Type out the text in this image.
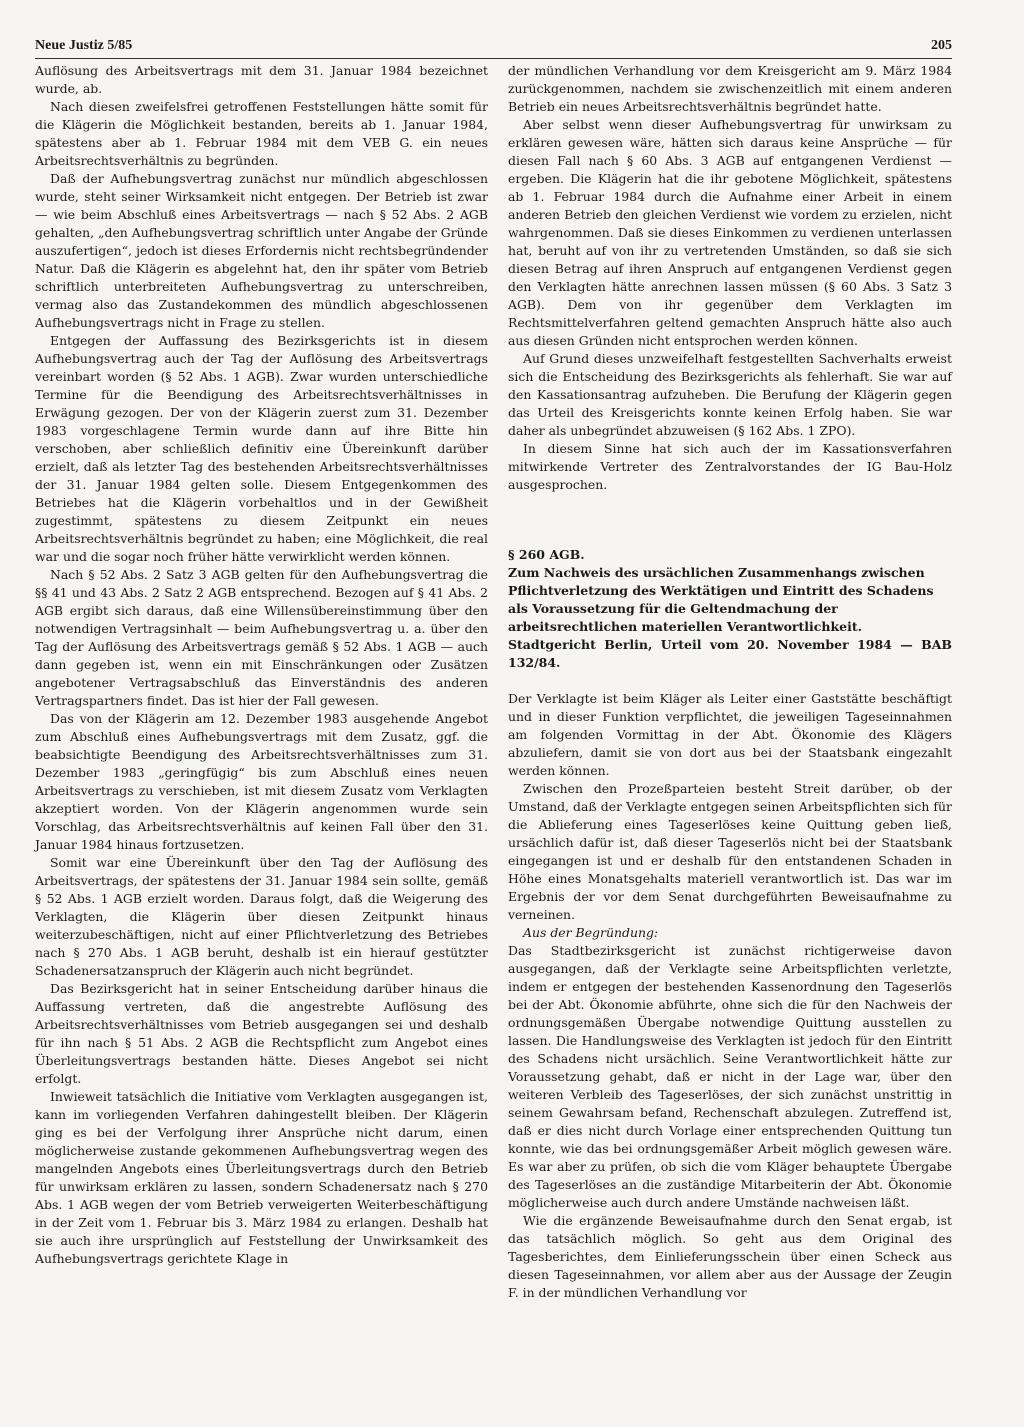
Neue Justiz 5/85	205

Auflösung des Arbeitsvertrags mit dem 31. Januar 1984 bezeichnet wurde, ab.

Nach diesen zweifelsfrei getroffenen Feststellungen hätte somit für die Klägerin die Möglichkeit bestanden, bereits ab 1. Januar 1984, spätestens aber ab 1. Februar 1984 mit dem VEB G. ein neues Arbeitsrechtsverhältnis zu begründen.

Daß der Aufhebungsvertrag zunächst nur mündlich abgeschlossen wurde, steht seiner Wirksamkeit nicht entgegen. Der Betrieb ist zwar — wie beim Abschluß eines Arbeitsvertrags — nach § 52 Abs. 2 AGB gehalten, „den Aufhebungsvertrag schriftlich unter Angabe der Gründe auszufertigen“, jedoch ist dieses Erfordernis nicht rechtsbegründender Natur. Daß die Klägerin es abgelehnt hat, den ihr später vom Betrieb schriftlich unterbreiteten Aufhebungsvertrag zu unterschreiben, vermag also das Zustandekommen des mündlich abgeschlossenen Aufhebungsvertrags nicht in Frage zu stellen.

Entgegen der Auffassung des Bezirksgerichts ist in diesem Aufhebungsvertrag auch der Tag der Auflösung des Arbeitsvertrags vereinbart worden (§ 52 Abs. 1 AGB). Zwar wurden unterschiedliche Termine für die Beendigung des Arbeitsrechtsverhältnisses in Erwägung gezogen. Der von der Klägerin zuerst zum 31. Dezember 1983 vorgeschlagene Termin wurde dann auf ihre Bitte hin verschoben, aber schließlich definitiv eine Übereinkunft darüber erzielt, daß als letzter Tag des bestehenden Arbeitsrechtsverhältnisses der 31. Januar 1984 gelten solle. Diesem Entgegenkommen des Betriebes hat die Klägerin vorbehaltlos und in der Gewißheit zugestimmt, spätestens zu diesem Zeitpunkt ein neues Arbeitsrechtsverhältnis begründet zu haben; eine Möglichkeit, die real war und die sogar noch früher hätte verwirklicht werden können.

Nach § 52 Abs. 2 Satz 3 AGB gelten für den Aufhebungsvertrag die §§ 41 und 43 Abs. 2 Satz 2 AGB entsprechend. Bezogen auf § 41 Abs. 2 AGB ergibt sich daraus, daß eine Willensübereinstimmung über den notwendigen Vertragsinhalt — beim Aufhebungsvertrag u. a. über den Tag der Auflösung des Arbeitsvertrags gemäß § 52 Abs. 1 AGB — auch dann gegeben ist, wenn ein mit Einschränkungen oder Zusätzen angebotener Vertragsabschluß das Einverständnis des anderen Vertragspartners findet. Das ist hier der Fall gewesen.

Das von der Klägerin am 12. Dezember 1983 ausgehende Angebot zum Abschluß eines Aufhebungsvertrags mit dem Zusatz, ggf. die beabsichtigte Beendigung des Arbeitsrechtsverhältnisses zum 31. Dezember 1983 „geringfügig“ bis zum Abschluß eines neuen Arbeitsvertrags zu verschieben, ist mit diesem Zusatz vom Verklagten akzeptiert worden. Von der Klägerin angenommen wurde sein Vorschlag, das Arbeitsrechtsverhältnis auf keinen Fall über den 31. Januar 1984 hinaus fortzusetzen.

Somit war eine Übereinkunft über den Tag der Auflösung des Arbeitsvertrags, der spätestens der 31. Januar 1984 sein sollte, gemäß § 52 Abs. 1 AGB erzielt worden. Daraus folgt, daß die Weigerung des Verklagten, die Klägerin über diesen Zeitpunkt hinaus weiterzubeschäftigen, nicht auf einer Pflichtverletzung des Betriebes nach § 270 Abs. 1 AGB beruht, deshalb ist ein hierauf gestützter Schadenersatzanspruch der Klägerin auch nicht begründet.

Das Bezirksgericht hat in seiner Entscheidung darüber hinaus die Auffassung vertreten, daß die angestrebte Auflösung des Arbeitsrechtsverhältnisses vom Betrieb ausgegangen sei und deshalb für ihn nach § 51 Abs. 2 AGB die Rechtspflicht zum Angebot eines Überleitungsvertrags bestanden hätte. Dieses Angebot sei nicht erfolgt.

Inwieweit tatsächlich die Initiative vom Verklagten ausgegangen ist, kann im vorliegenden Verfahren dahingestellt bleiben. Der Klägerin ging es bei der Verfolgung ihrer Ansprüche nicht darum, einen möglicherweise zustande gekommenen Aufhebungsvertrag wegen des mangelnden Angebots eines Überleitungsvertrags durch den Betrieb für unwirksam erklären zu lassen, sondern Schadenersatz nach § 270 Abs. 1 AGB wegen der vom Betrieb verweigerten Weiterbeschäftigung in der Zeit vom 1. Februar bis 3. März 1984 zu erlangen. Deshalb hat sie auch ihre ursprünglich auf Feststellung der Unwirksamkeit des Aufhebungsvertrags gerichtete Klage in

der mündlichen Verhandlung vor dem Kreisgericht am 9. März 1984 zurückgenommen, nachdem sie zwischenzeitlich mit einem anderen Betrieb ein neues Arbeitsrechtsverhältnis begründet hatte.

Aber selbst wenn dieser Aufhebungsvertrag für unwirksam zu erklären gewesen wäre, hätten sich daraus keine Ansprüche — für diesen Fall nach § 60 Abs. 3 AGB auf entgangenen Verdienst — ergeben. Die Klägerin hat die ihr gebotene Möglichkeit, spätestens ab 1. Februar 1984 durch die Aufnahme einer Arbeit in einem anderen Betrieb den gleichen Verdienst wie vordem zu erzielen, nicht wahrgenommen. Daß sie dieses Einkommen zu verdienen unterlassen hat, beruht auf von ihr zu vertretenden Umständen, so daß sie sich diesen Betrag auf ihren Anspruch auf entgangenen Verdienst gegen den Verklagten hätte anrechnen lassen müssen (§ 60 Abs. 3 Satz 3 AGB). Dem von ihr gegenüber dem Verklagten im Rechtsmittelverfahren geltend gemachten Anspruch hätte also auch aus diesen Gründen nicht entsprochen werden können.

Auf Grund dieses unzweifelhaft festgestellten Sachverhalts erweist sich die Entscheidung des Bezirksgerichts als fehlerhaft. Sie war auf den Kassationsantrag aufzuheben. Die Berufung der Klägerin gegen das Urteil des Kreisgerichts konnte keinen Erfolg haben. Sie war daher als unbegründet abzuweisen (§ 162 Abs. 1 ZPO).

In diesem Sinne hat sich auch der im Kassationsverfahren mitwirkende Vertreter des Zentralvorstandes der IG Bau-Holz ausgesprochen.

§ 260 AGB.
Zum Nachweis des ursächlichen Zusammenhangs zwischen Pflichtverletzung des Werktätigen und Eintritt des Schadens als Voraussetzung für die Geltendmachung der arbeitsrechtlichen materiellen Verantwortlichkeit.
Stadtgericht Berlin, Urteil vom 20. November 1984 — BAB 132/84.

Der Verklagte ist beim Kläger als Leiter einer Gaststätte beschäftigt und in dieser Funktion verpflichtet, die jeweiligen Tageseinnahmen am folgenden Vormittag in der Abt. Ökonomie des Klägers abzuliefern, damit sie von dort aus bei der Staatsbank eingezahlt werden können.

Zwischen den Prozeßparteien besteht Streit darüber, ob der Umstand, daß der Verklagte entgegen seinen Arbeitspflichten sich für die Ablieferung eines Tageserlöses keine Quittung geben ließ, ursächlich dafür ist, daß dieser Tageserlös nicht bei der Staatsbank eingegangen ist und er deshalb für den entstandenen Schaden in Höhe eines Monatsgehalts materiell verantwortlich ist. Das war im Ergebnis der vor dem Senat durchgeführten Beweisaufnahme zu verneinen.

Aus der Begründung:

Das Stadtbezirksgericht ist zunächst richtigerweise davon ausgegangen, daß der Verklagte seine Arbeitspflichten verletzte, indem er entgegen der bestehenden Kassenordnung den Tageserlös bei der Abt. Ökonomie abführte, ohne sich die für den Nachweis der ordnungsgemäßen Übergabe notwendige Quittung ausstellen zu lassen. Die Handlungsweise des Verklagten ist jedoch für den Eintritt des Schadens nicht ursächlich. Seine Verantwortlichkeit hätte zur Voraussetzung gehabt, daß er nicht in der Lage war, über den weiteren Verbleib des Tageserlöses, der sich zunächst unstrittig in seinem Gewahrsam befand, Rechenschaft abzulegen. Zutreffend ist, daß er dies nicht durch Vorlage einer entsprechenden Quittung tun konnte, wie das bei ordnungsgemäßer Arbeit möglich gewesen wäre. Es war aber zu prüfen, ob sich die vom Kläger behauptete Übergabe des Tageserlöses an die zuständige Mitarbeiterin der Abt. Ökonomie möglicherweise auch durch andere Umstände nachweisen läßt.

Wie die ergänzende Beweisaufnahme durch den Senat ergab, ist das tatsächlich möglich. So geht aus dem Original des Tagesberichtes, dem Einlieferungsschein über einen Scheck aus diesen Tageseinnahmen, vor allem aber aus der Aussage der Zeugin F. in der mündlichen Verhandlung vor
